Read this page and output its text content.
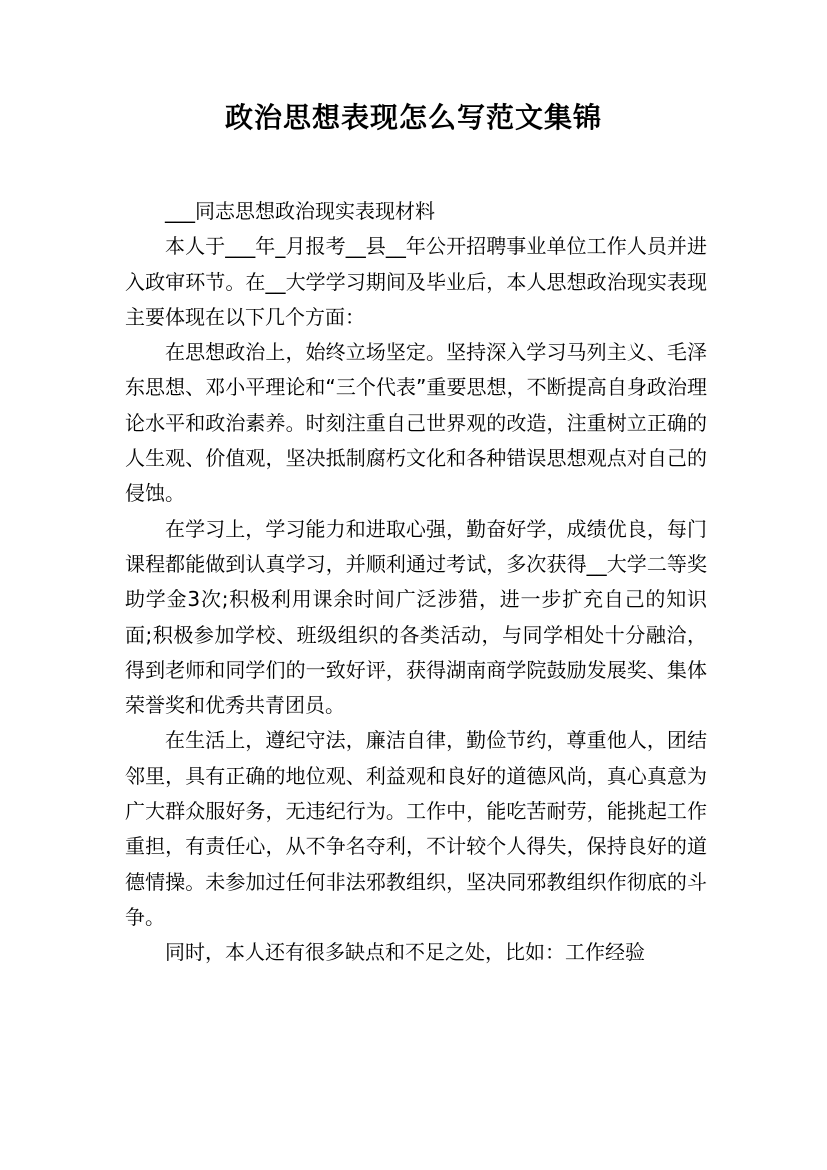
政治思想表现怎么写范文集锦

___同志思想政治现实表现材料

本人于___年_月报考__县__年公开招聘事业单位工作人员并进入政审环节。在__大学学习期间及毕业后，本人思想政治现实表现主要体现在以下几个方面：

在思想政治上，始终立场坚定。坚持深入学习马列主义、毛泽东思想、邓小平理论和“三个代表”重要思想，不断提高自身政治理论水平和政治素养。时刻注重自己世界观的改造，注重树立正确的人生观、价值观，坚决抵制腐朽文化和各种错误思想观点对自己的侵蚀。

在学习上，学习能力和进取心强，勤奋好学，成绩优良，每门课程都能做到认真学习，并顺利通过考试，多次获得__大学二等奖助学金3次;积极利用课余时间广泛涉猎，进一步扩充自己的知识面;积极参加学校、班级组织的各类活动，与同学相处十分融洽，得到老师和同学们的一致好评，获得湖南商学院鼓励发展奖、集体荣誉奖和优秀共青团员。

在生活上，遵纪守法，廉洁自律，勤俭节约，尊重他人，团结邻里，具有正确的地位观、利益观和良好的道德风尚，真心真意为广大群众服好务，无违纪行为。工作中，能吃苦耐劳，能挑起工作重担，有责任心，从不争名夺利，不计较个人得失，保持良好的道德情操。未参加过任何非法邪教组织，坚决同邪教组织作彻底的斗争。

同时，本人还有很多缺点和不足之处，比如：工作经验
